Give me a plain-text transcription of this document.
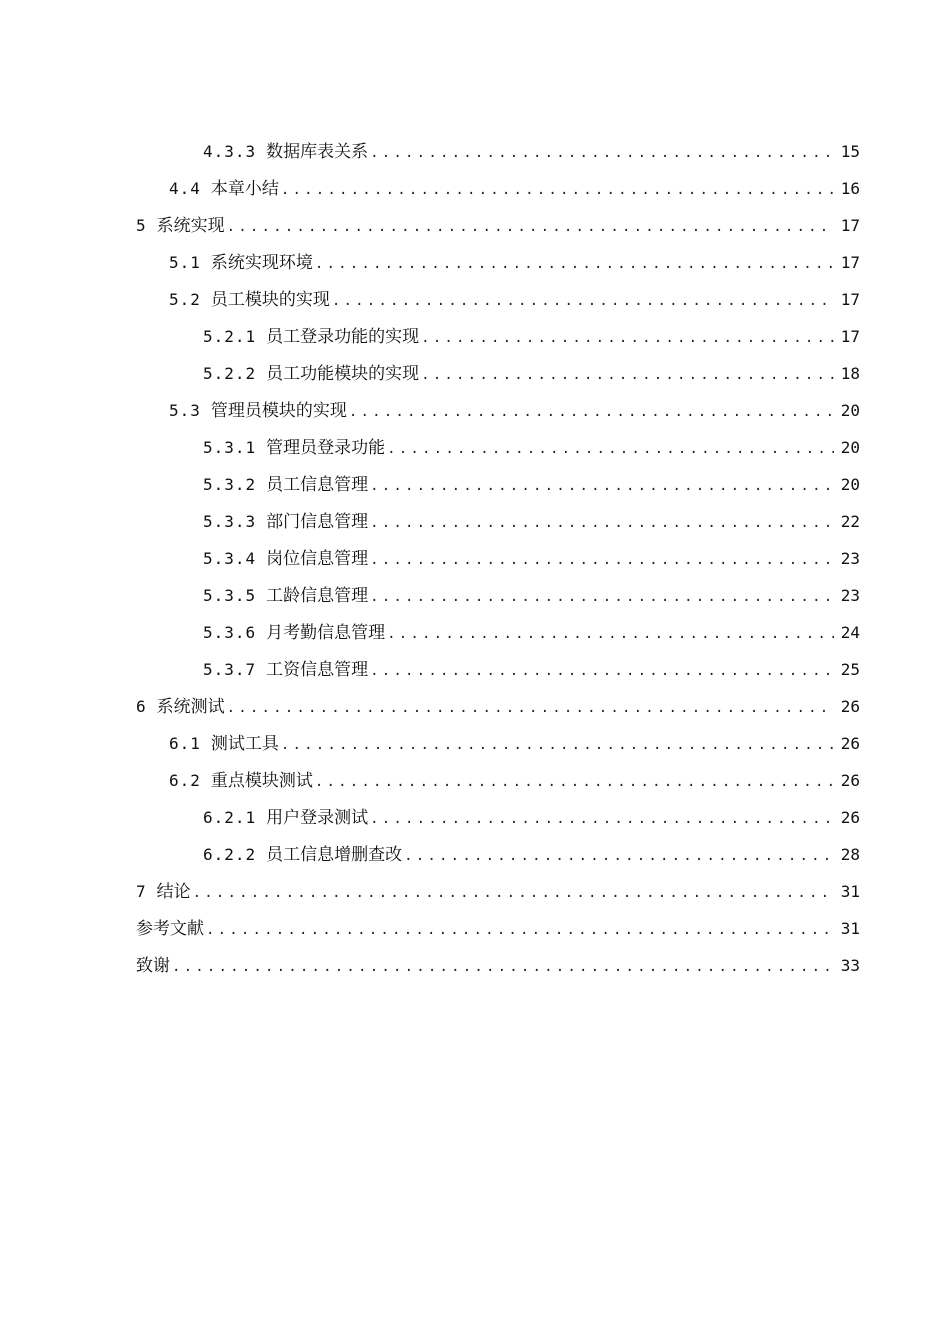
4.3.3 数据库表关系 .....	15
4.4 本章小结 .....	16
5 系统实现 .....	17
5.1 系统实现环境 .....	17
5.2 员工模块的实现 .....	17
5.2.1 员工登录功能的实现 .....	17
5.2.2 员工功能模块的实现 .....	18
5.3 管理员模块的实现 .....	20
5.3.1 管理员登录功能 .....	20
5.3.2 员工信息管理 .....	20
5.3.3 部门信息管理 .....	22
5.3.4 岗位信息管理 .....	23
5.3.5 工龄信息管理 .....	23
5.3.6 月考勤信息管理 .....	24
5.3.7 工资信息管理 .....	25
6 系统测试 .....	26
6.1 测试工具 .....	26
6.2 重点模块测试 .....	26
6.2.1 用户登录测试 .....	26
6.2.2 员工信息增删查改 .....	28
7 结论 .....	31
参考文献 .....	31
致谢 .....	33
